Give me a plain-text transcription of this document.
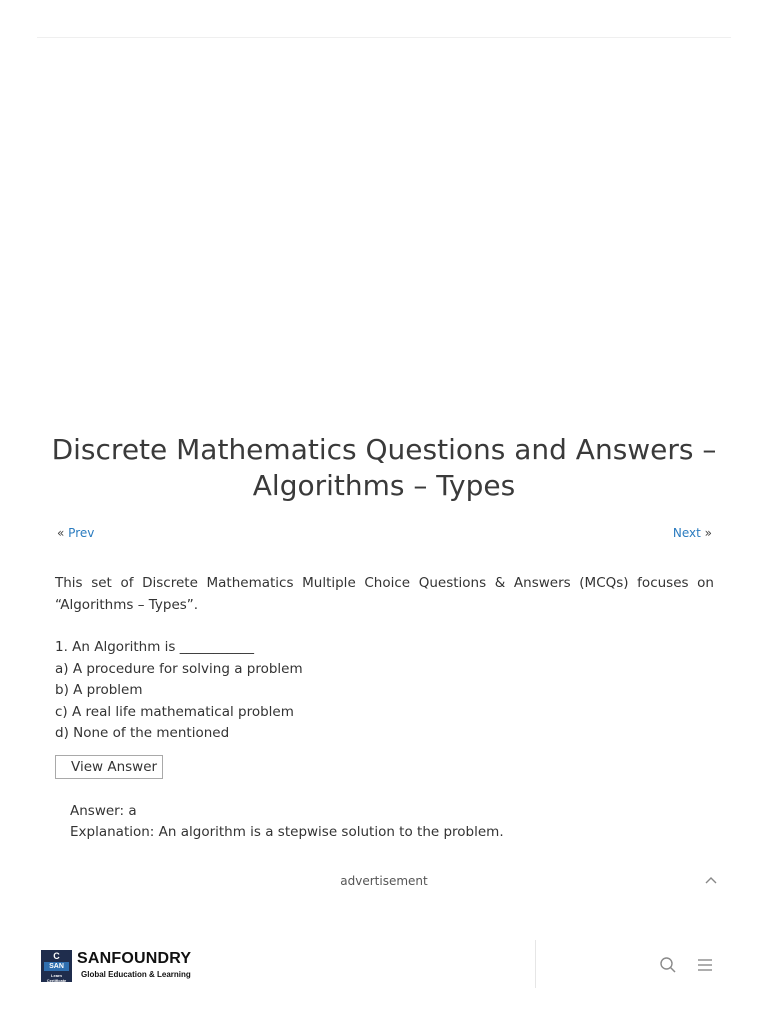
Discrete Mathematics Questions and Answers –
Algorithms – Types
« Prev	Next »

This set of Discrete Mathematics Multiple Choice Questions & Answers (MCQs) focuses on “Algorithms – Types”.

1. An Algorithm is ___________
a) A procedure for solving a problem
b) A problem
c) A real life mathematical problem
d) None of the mentioned
View Answer
Answer: a
Explanation: An algorithm is a stepwise solution to the problem.
advertisement
C
SAN
Learn Certificate
SANFOUNDRY
Global Education & Learning
